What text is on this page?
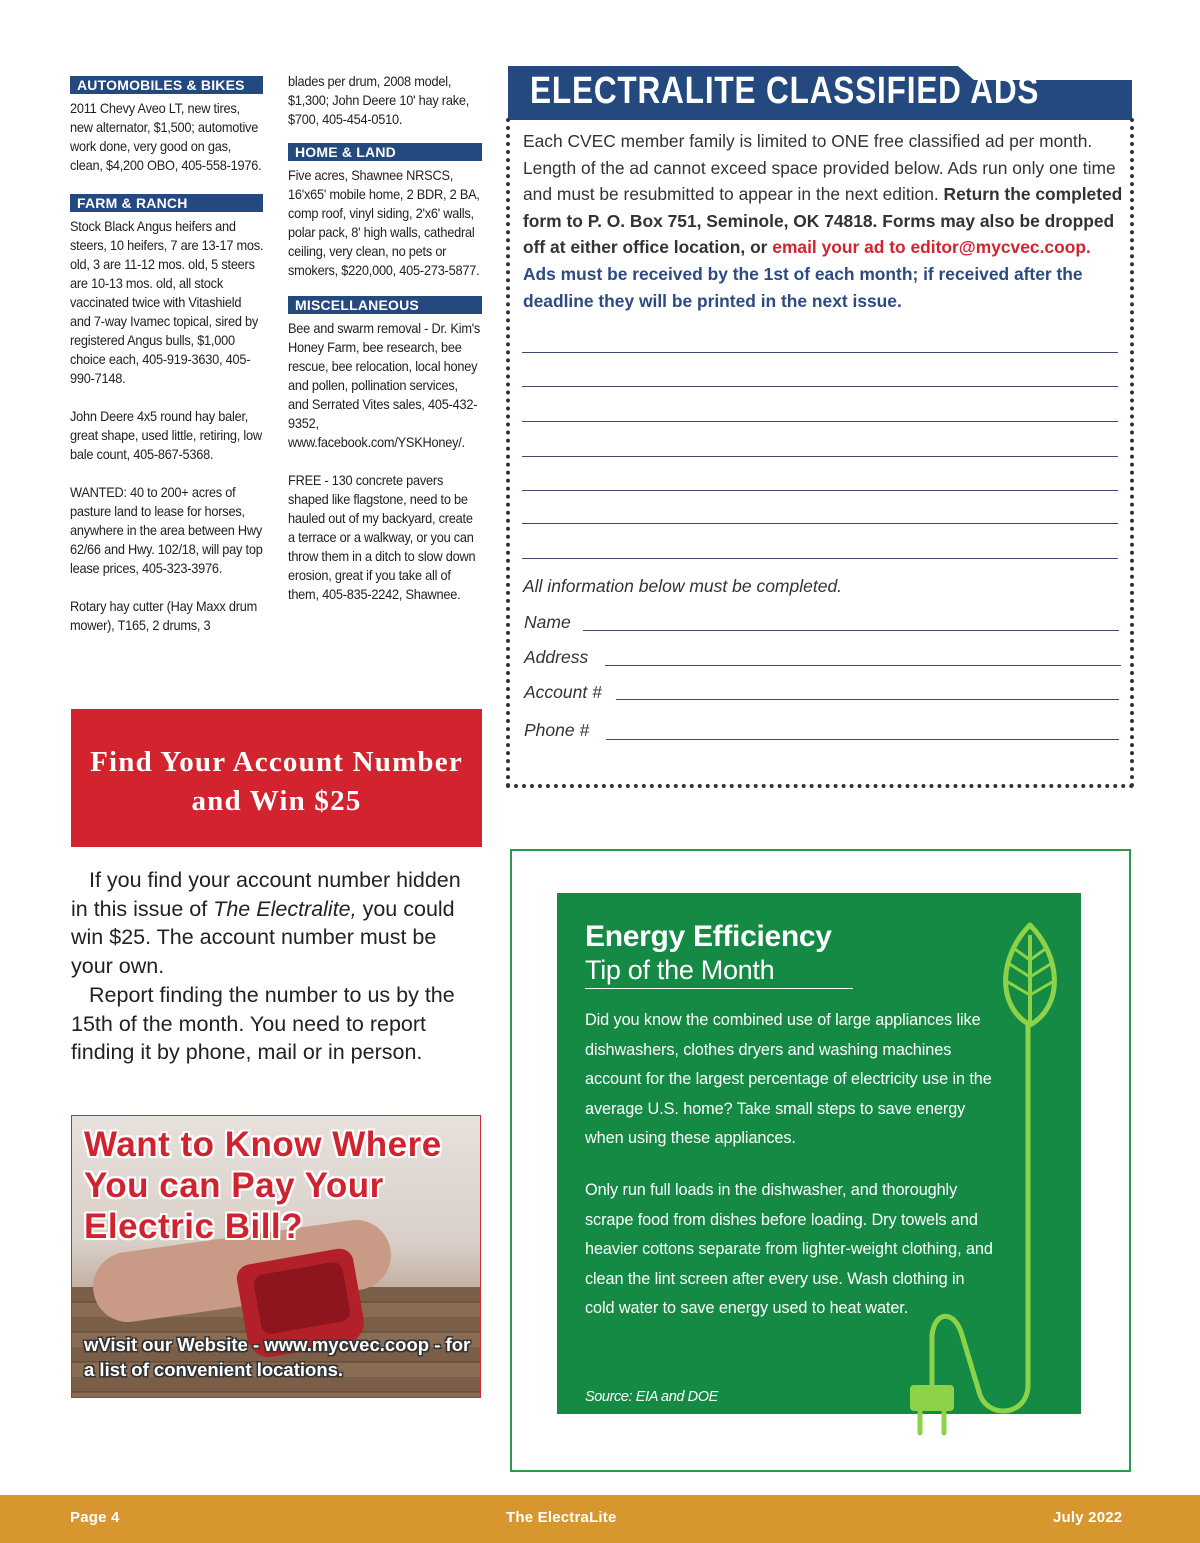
AUTOMOBILES & BIKES
2011 Chevy Aveo LT, new tires, new alternator, $1,500; automotive work done, very good on gas, clean, $4,200 OBO, 405-558-1976.
FARM & RANCH
Stock Black Angus heifers and steers, 10 heifers, 7 are 13-17 mos. old, 3 are 11-12 mos. old, 5 steers are 10-13 mos. old, all stock vaccinated twice with Vitashield and 7-way Ivamec topical, sired by registered Angus bulls, $1,000 choice each, 405-919-3630, 405-990-7148.
John Deere 4x5 round hay baler, great shape, used little, retiring, low bale count, 405-867-5368.
WANTED: 40 to 200+ acres of pasture land to lease for horses, anywhere in the area between Hwy 62/66 and Hwy. 102/18, will pay top lease prices, 405-323-3976.
Rotary hay cutter (Hay Maxx drum mower), T165, 2 drums, 3
blades per drum, 2008 model, $1,300; John Deere 10' hay rake, $700, 405-454-0510.
HOME & LAND
Five acres, Shawnee NRSCS, 16'x65' mobile home, 2 BDR, 2 BA, comp roof, vinyl siding, 2'x6' walls, polar pack, 8' high walls, cathedral ceiling, very clean, no pets or smokers, $220,000, 405-273-5877.
MISCELLANEOUS
Bee and swarm removal - Dr. Kim's Honey Farm, bee research, bee rescue, bee relocation, local honey and pollen, pollination services, and Serrated Vites sales, 405-432-9352, www.facebook.com/YSKHoney/.
FREE - 130 concrete pavers shaped like flagstone, need to be hauled out of my backyard, create a terrace or a walkway, or you can throw them in a ditch to slow down erosion, great if you take all of them, 405-835-2242, Shawnee.
Find Your Account Number
and Win $25

If you find your account number hidden in this issue of The Electralite, you could win $25. The account number must be your own.

Report finding the number to us by the 15th of the month. You need to report finding it by phone, mail or in person.

Want to Know Where You can Pay Your Electric Bill?
wVisit our Website - www.mycvec.coop - for a list of convenient locations.
ELECTRALITE CLASSIFIED ADS
Each CVEC member family is limited to ONE free classified ad per month. Length of the ad cannot exceed space provided below. Ads run only one time and must be resubmitted to appear in the next edition. Return the completed form to P. O. Box 751, Seminole, OK 74818. Forms may also be dropped off at either office location, or email your ad to editor@mycvec.coop.
Ads must be received by the 1st of each month; if received after the deadline they will be printed in the next issue.
All information below must be completed.
Name
Address
Account #
Phone #
Energy Efficiency
Tip of the Month
Did you know the combined use of large appliances like dishwashers, clothes dryers and washing machines account for the largest percentage of electricity use in the average U.S. home? Take small steps to save energy when using these appliances.
Only run full loads in the dishwasher, and thoroughly scrape food from dishes before loading. Dry towels and heavier cottons separate from lighter-weight clothing, and clean the lint screen after every use. Wash clothing in cold water to save energy used to heat water.
Source: EIA and DOE
Page 4	The ElectraLite	July 2022
